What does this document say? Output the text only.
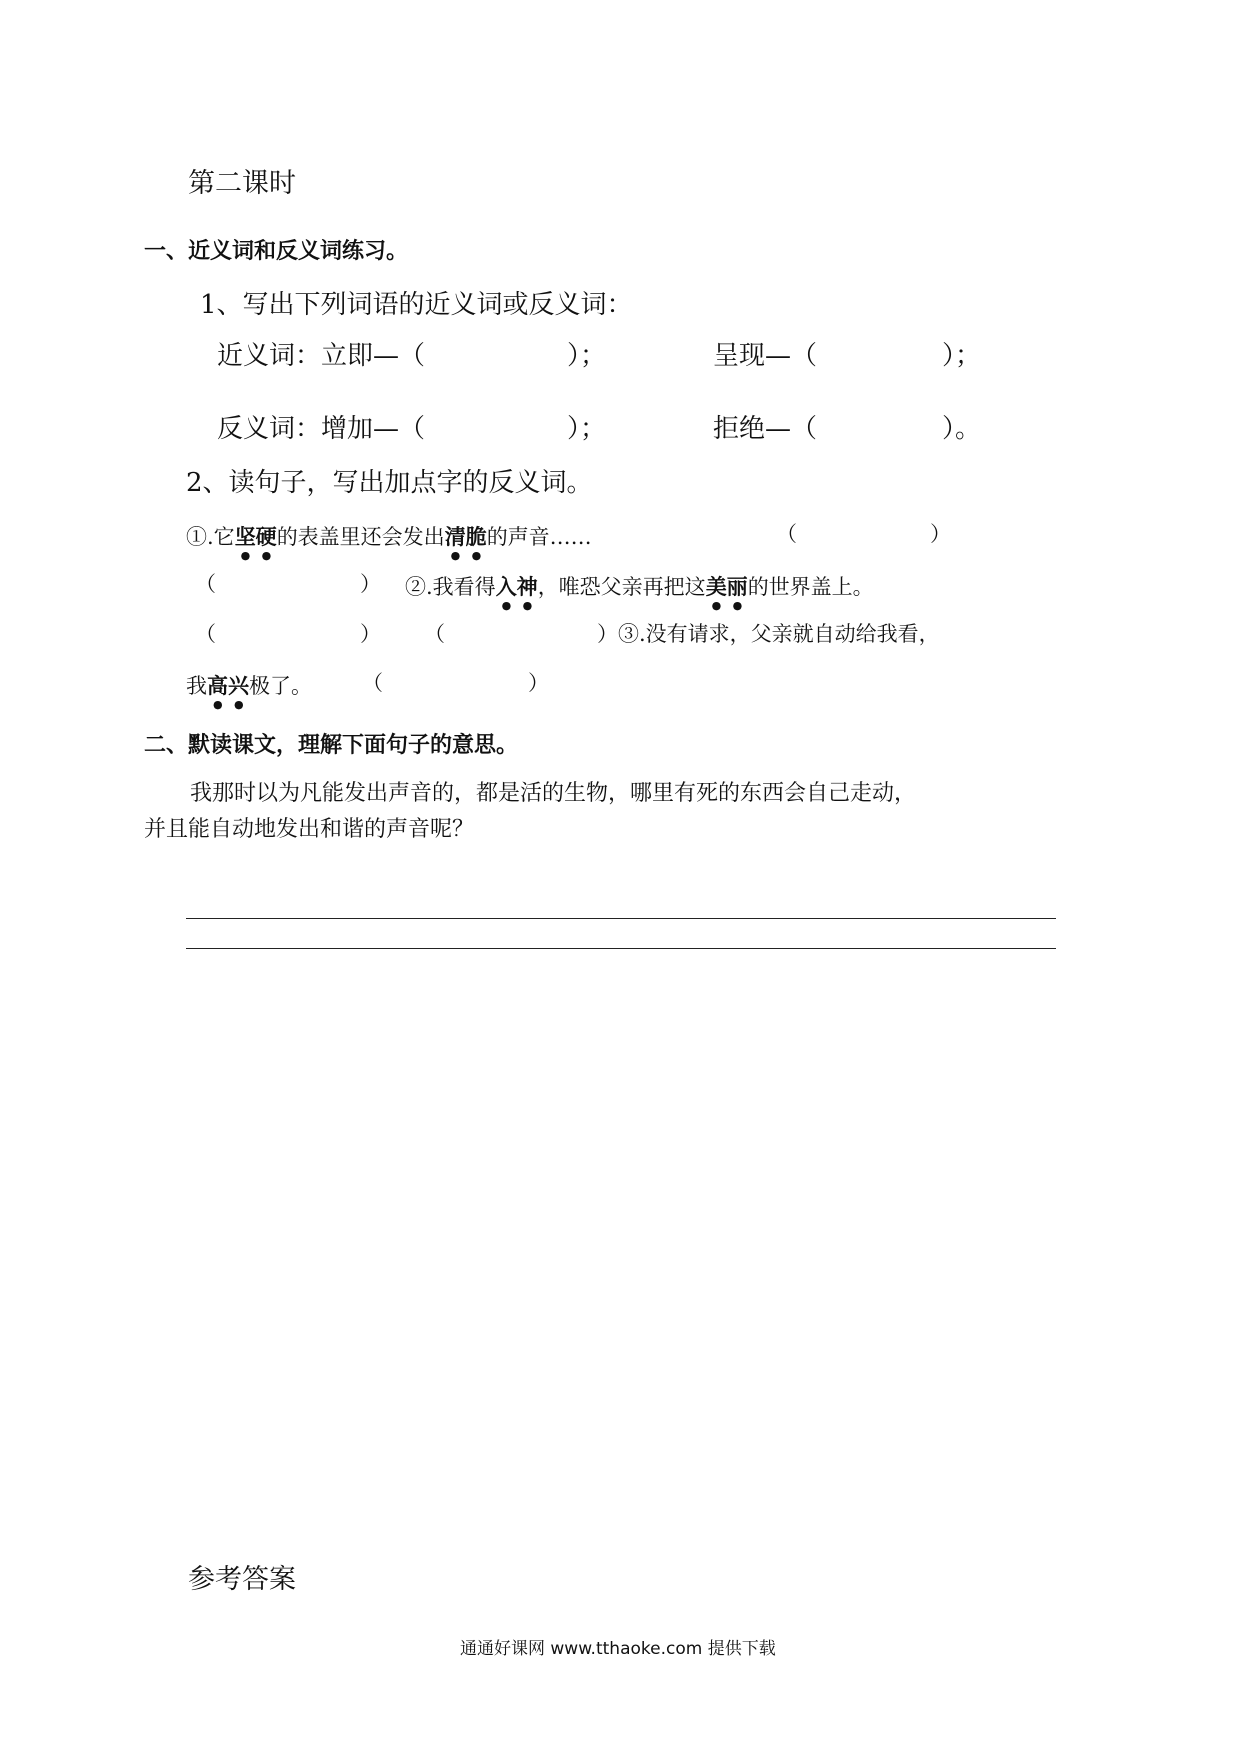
第二课时
一、近义词和反义词练习。
1、写出下列词语的近义词或反义词：
近义词：立即—（	）；	呈现—（	）；
反义词：增加—（	）；	拒绝—（	）。
2、读句子，写出加点字的反义词。
①.它坚硬的表盖里还会发出清脆的声音……	（	）
（	） ②.我看得入神，唯恐父亲再把这美丽的世界盖上。
（	） （	）③.没有请求，父亲就自动给我看，
我高兴极了。 （	）
二、默读课文，理解下面句子的意思。
我那时以为凡能发出声音的，都是活的生物，哪里有死的东西会自己走动，
并且能自动地发出和谐的声音呢？
参考答案
通通好课网 www.tthaoke.com 提供下载
